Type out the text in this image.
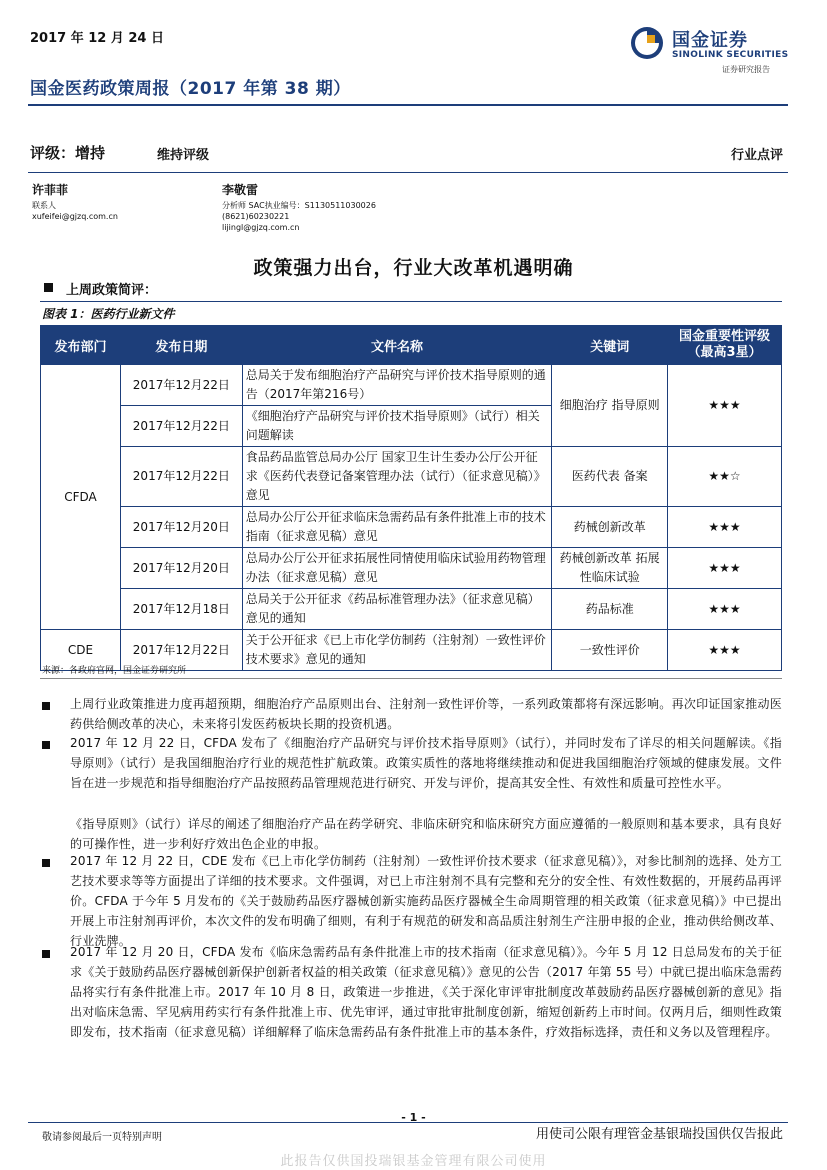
2017 年 12 月 24 日
国金医药政策周报（2017 年第 38 期）
国金证券
SINOLINK SECURITIES
证券研究报告
评级：增持	维持评级	行业点评
许菲菲
联系人
xufeifei@gjzq.com.cn
李敬雷
分析师 SAC执业编号：S1130511030026
(8621)60230221
lijingl@gjzq.com.cn
政策强力出台，行业大改革机遇明确
上周政策简评：
图表 1：医药行业新文件
发布部门	发布日期	文件名称	关键词	国金重要性评级（最高3星）
CFDA	2017年12月22日	总局关于发布细胞治疗产品研究与评价技术指导原则的通告（2017年第216号）	细胞治疗 指导原则	★★★
	2017年12月22日	《细胞治疗产品研究与评价技术指导原则》（试行）相关问题解读		
	2017年12月22日	食品药品监管总局办公厅 国家卫生计生委办公厅公开征求《医药代表登记备案管理办法（试行）（征求意见稿）》意见	医药代表 备案	★★☆
	2017年12月20日	总局办公厅公开征求临床急需药品有条件批准上市的技术指南（征求意见稿）意见	药械创新改革	★★★
	2017年12月20日	总局办公厅公开征求拓展性同情使用临床试验用药物管理办法（征求意见稿）意见	药械创新改革 拓展性临床试验	★★★
	2017年12月18日	总局关于公开征求《药品标准管理办法》（征求意见稿）意见的通知	药品标准	★★★
CDE	2017年12月22日	关于公开征求《已上市化学仿制药（注射剂）一致性评价技术要求》意见的通知	一致性评价	★★★
来源：各政府官网，国金证券研究所
上周行业政策推进力度再超预期，细胞治疗产品原则出台、注射剂一致性评价等，一系列政策都将有深远影响。再次印证国家推动医药供给侧改革的决心，未来将引发医药板块长期的投资机遇。
2017 年 12 月 22 日，CFDA 发布了《细胞治疗产品研究与评价技术指导原则》（试行），并同时发布了详尽的相关问题解读。《指导原则》（试行）是我国细胞治疗行业的规范性扩航政策。政策实质性的落地将继续推动和促进我国细胞治疗领域的健康发展。文件旨在进一步规范和指导细胞治疗产品按照药品管理规范进行研究、开发与评价，提高其安全性、有效性和质量可控性水平。
《指导原则》（试行）详尽的阐述了细胞治疗产品在药学研究、非临床研究和临床研究方面应遵循的一般原则和基本要求，具有良好的可操作性，进一步利好疗效出色企业的申报。
2017 年 12 月 22 日，CDE 发布《已上市化学仿制药（注射剂）一致性评价技术要求（征求意见稿）》，对参比制剂的选择、处方工艺技术要求等等方面提出了详细的技术要求。文件强调，对已上市注射剂不具有完整和充分的安全性、有效性数据的，开展药品再评价。CFDA 于今年 5 月发布的《关于鼓励药品医疗器械创新实施药品医疗器械全生命周期管理的相关政策（征求意见稿）》中已提出开展上市注射剂再评价，本次文件的发布明确了细则，有利于有规范的研发和高品质注射剂生产注册申报的企业，推动供给侧改革、行业洗牌。
2017 年 12 月 20 日，CFDA 发布《临床急需药品有条件批准上市的技术指南（征求意见稿）》。今年 5 月 12 日总局发布的关于征求《关于鼓励药品医疗器械创新保护创新者权益的相关政策（征求意见稿）》意见的公告（2017 年第 55 号）中就已提出临床急需药品将实行有条件批准上市。2017 年 10 月 8 日，政策进一步推进，《关于深化审评审批制度改革鼓励药品医疗器械创新的意见》指出对临床急需、罕见病用药实行有条件批准上市、优先审评，通过审批审批制度创新，缩短创新药上市时间。仅两月后，细则性政策即发布，技术指南（征求意见稿）详细解释了临床急需药品有条件批准上市的基本条件，疗效指标选择，责任和义务以及管理程序。
- 1 -
敬请参阅最后一页特别声明	用使司公限有理管金基银瑞投国供仅告报此
此报告仅供国投瑞银基金管理有限公司使用
